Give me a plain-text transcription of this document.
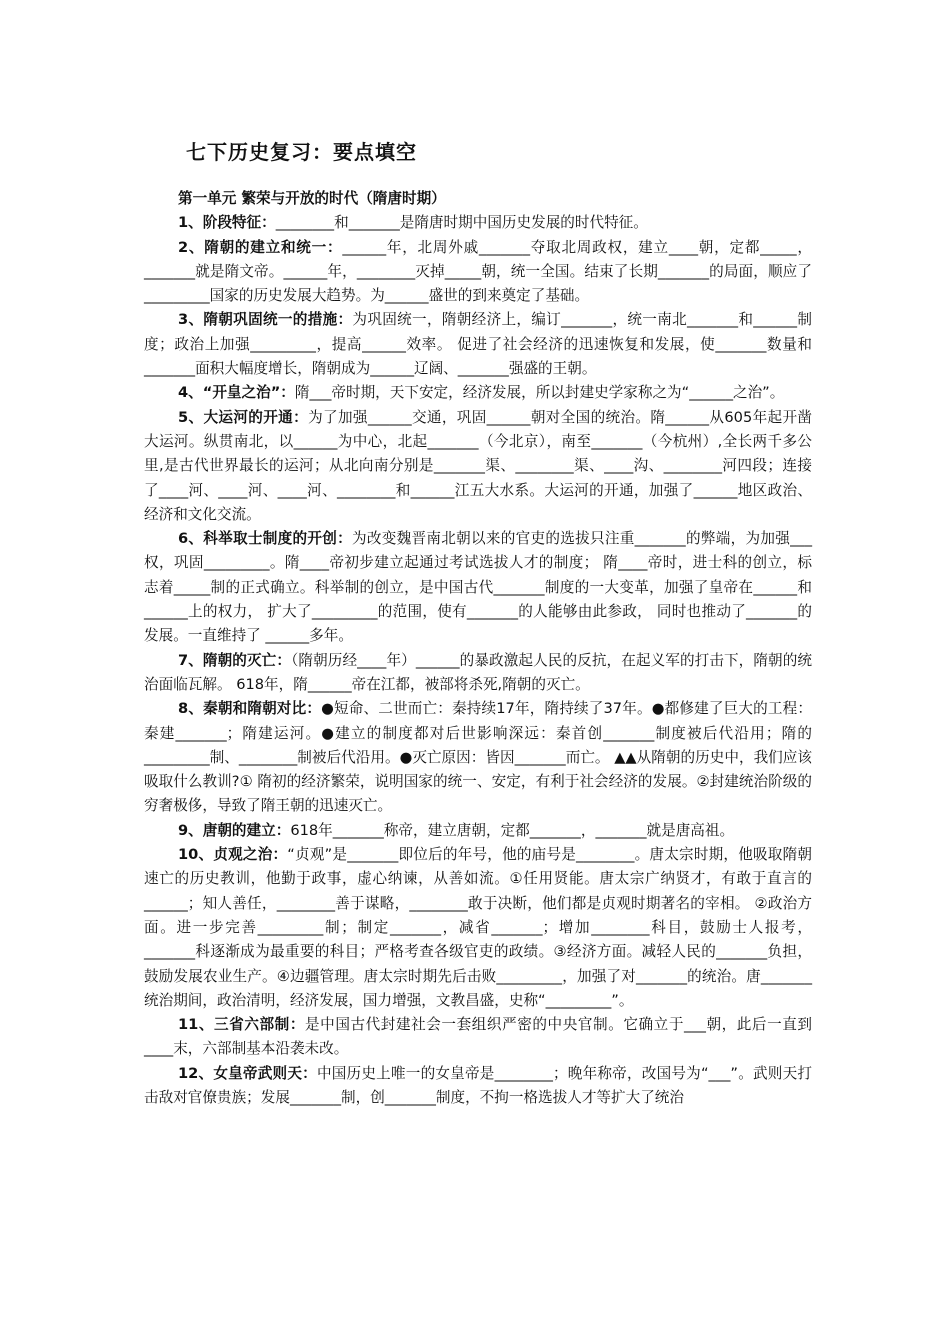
七下历史复习：要点填空
第一单元 繁荣与开放的时代（隋唐时期）

1、阶段特征：________和_______是隋唐时期中国历史发展的时代特征。

2、隋朝的建立和统一：______年，北周外戚_______夺取北周政权，建立____朝，定都_____，_______就是隋文帝。______年，________灭掉_____朝，统一全国。结束了长期_______的局面，顺应了_________国家的历史发展大趋势。为______盛世的到来奠定了基础。

3、隋朝巩固统一的措施：为巩固统一，隋朝经济上，编订_______，统一南北_______和______制度；政治上加强_________，提高______效率。 促进了社会经济的迅速恢复和发展，使_______数量和_______面积大幅度增长，隋朝成为______辽阔、_______强盛的王朝。

4、“开皇之治”：隋___帝时期，天下安定，经济发展，所以封建史学家称之为“______之治”。

5、大运河的开通：为了加强______交通，巩固______朝对全国的统治。隋______从605年起开凿大运河。纵贯南北，以______为中心，北起_______（今北京），南至_______（今杭州）,全长两千多公里,是古代世界最长的运河；从北向南分别是_______渠、________渠、____沟、________河四段；连接了____河、____河、____河、________和______江五大水系。大运河的开通，加强了______地区政治、经济和文化交流。

6、科举取士制度的开创：为改变魏晋南北朝以来的官吏的选拔只注重_______的弊端，为加强___权，巩固_________。隋____帝初步建立起通过考试选拔人才的制度； 隋____帝时，进士科的创立，标志着_____制的正式确立。科举制的创立，是中国古代_______制度的一大变革，加强了皇帝在______和______上的权力， 扩大了_________的范围，使有_______的人能够由此参政， 同时也推动了_______的发展。一直维持了 ______多年。

7、隋朝的灭亡：（隋朝历经____年）______的暴政激起人民的反抗，在起义军的打击下，隋朝的统治面临瓦解。 618年，隋______帝在江都，被部将杀死,隋朝的灭亡。

8、秦朝和隋朝对比：●短命、二世而亡：秦持续17年，隋持续了37年。●都修建了巨大的工程：秦建_______；隋建运河。●建立的制度都对后世影响深远：秦首创_______制度被后代沿用；隋的_________制、________制被后代沿用。●灭亡原因：皆因_______而亡。 ▲▲从隋朝的历史中，我们应该吸取什么教训?① 隋初的经济繁荣，说明国家的统一、安定，有利于社会经济的发展。②封建统治阶级的穷奢极侈，导致了隋王朝的迅速灭亡。

9、唐朝的建立：618年_______称帝，建立唐朝，定都_______，_______就是唐高祖。

10、贞观之治：“贞观”是_______即位后的年号，他的庙号是________。唐太宗时期，他吸取隋朝速亡的历史教训，他勤于政事，虚心纳谏，从善如流。①任用贤能。唐太宗广纳贤才，有敢于直言的______；知人善任，________善于谋略，________敢于决断，他们都是贞观时期著名的宰相。 ②政治方面。进一步完善_________制；制定_______，减省_______；增加________科目，鼓励士人报考，_______科逐渐成为最重要的科目；严格考查各级官吏的政绩。③经济方面。减轻人民的_______负担，鼓励发展农业生产。④边疆管理。唐太宗时期先后击败_________，加强了对_______的统治。唐_______统治期间，政治清明，经济发展，国力增强，文教昌盛，史称“_________”。

11、三省六部制：是中国古代封建社会一套组织严密的中央官制。它确立于___朝，此后一直到____末，六部制基本沿袭未改。

12、女皇帝武则天：中国历史上唯一的女皇帝是________；晚年称帝，改国号为“___”。武则天打击敌对官僚贵族；发展_______制，创_______制度，不拘一格选拔人才等扩大了统治
